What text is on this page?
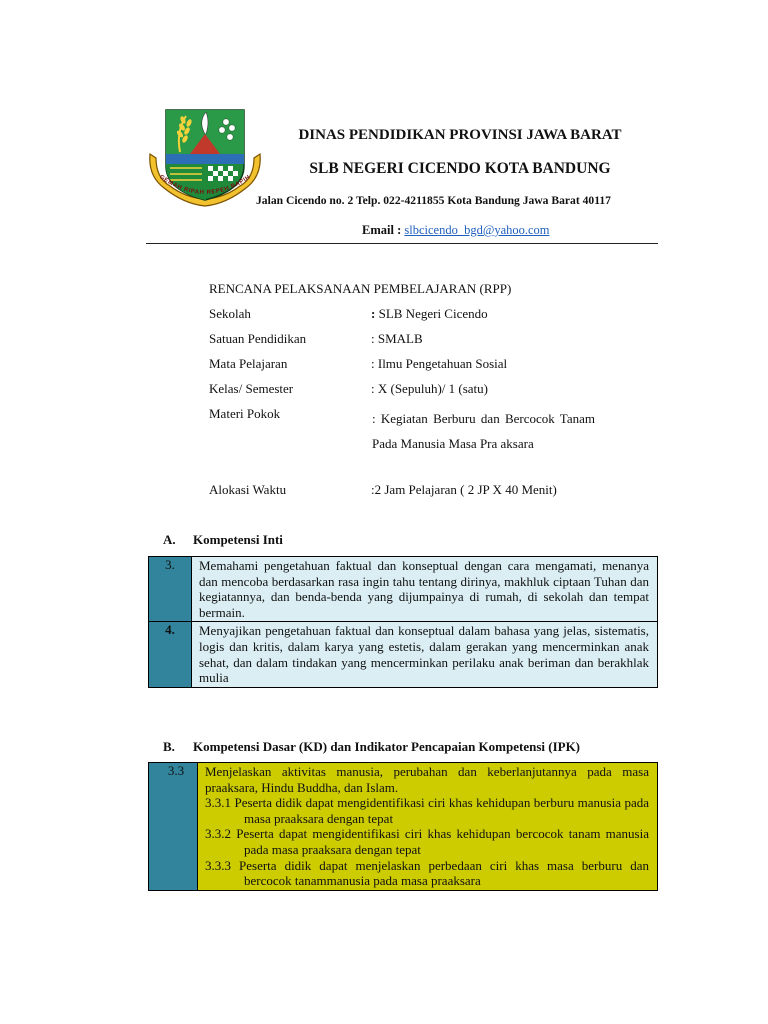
GEMAH RIPAH REPEH RAPIH
DINAS PENDIDIKAN PROVINSI JAWA BARAT
SLB NEGERI CICENDO KOTA BANDUNG
Jalan Cicendo no. 2 Telp. 022-4211855 Kota Bandung Jawa Barat 40117
Email : slbcicendo_bgd@yahoo.com
RENCANA PELAKSANAAN PEMBELAJARAN (RPP)
Sekolah	: SLB Negeri Cicendo
Satuan Pendidikan	: SMALB
Mata Pelajaran	: Ilmu Pengetahuan Sosial
Kelas/ Semester	: X (Sepuluh)/ 1 (satu)
Materi Pokok	: Kegiatan Berburu dan Bercocok Tanam Pada Manusia Masa Pra aksara
Alokasi Waktu	:2 Jam Pelajaran ( 2 JP X 40 Menit)
A. Kompetensi Inti
3.	Memahami pengetahuan faktual dan konseptual dengan cara mengamati, menanya dan mencoba berdasarkan rasa ingin tahu tentang dirinya, makhluk ciptaan Tuhan dan kegiatannya, dan benda-benda yang dijumpainya di rumah, di sekolah dan tempat bermain.
4.	Menyajikan pengetahuan faktual dan konseptual dalam bahasa yang jelas, sistematis, logis dan kritis, dalam karya yang estetis, dalam gerakan yang mencerminkan anak sehat, dan dalam tindakan yang mencerminkan perilaku anak beriman dan berakhlak mulia
B. Kompetensi Dasar (KD) dan Indikator Pencapaian Kompetensi (IPK)
3.3	Menjelaskan aktivitas manusia, perubahan dan keberlanjutannya pada masa praaksara, Hindu Buddha, dan Islam.
3.3.1 Peserta didik dapat mengidentifikasi ciri khas kehidupan berburu manusia pada masa praaksara dengan tepat
3.3.2 Peserta dapat mengidentifikasi ciri khas kehidupan bercocok tanam manusia pada masa praaksara dengan tepat
3.3.3 Peserta didik dapat menjelaskan perbedaan ciri khas masa berburu dan bercocok tanammanusia pada masa praaksara
